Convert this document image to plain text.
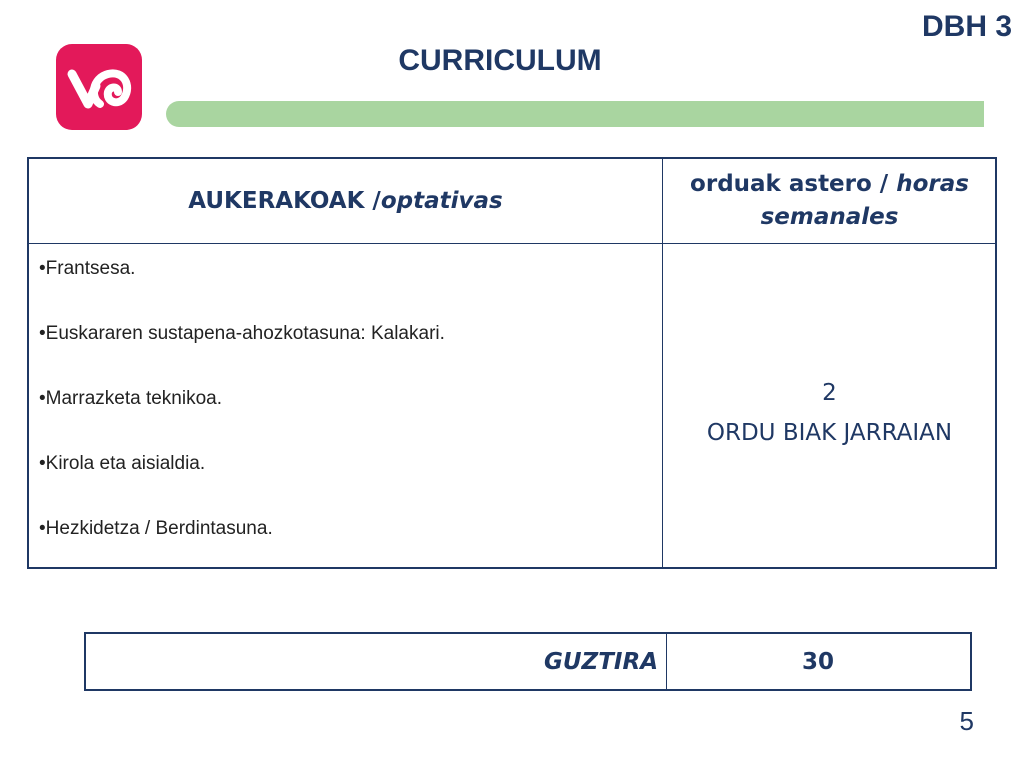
DBH 3
CURRICULUM
AUKERAKOAK / optativas
orduak astero / horas semanales
•Frantsesa.
•Euskararen sustapena-ahozkotasuna: Kalakari.
•Marrazketa teknikoa.
•Kirola eta aisialdia.
•Hezkidetza / Berdintasuna.
2
ORDU BIAK JARRAIAN
GUZTIRA	30
5
